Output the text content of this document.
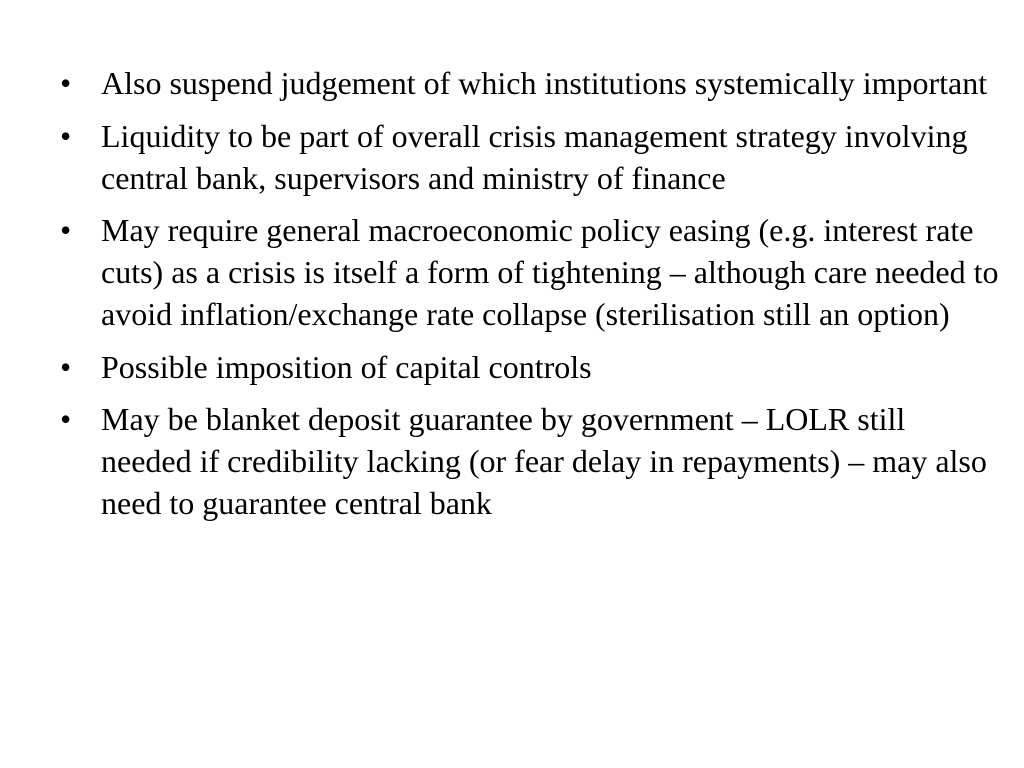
• Also suspend judgement of which institutions systemically important
• Liquidity to be part of overall crisis management strategy involving central bank, supervisors and ministry of finance
• May require general macroeconomic policy easing (e.g. interest rate cuts) as a crisis is itself a form of tightening – although care needed to avoid inflation/exchange rate collapse (sterilisation still an option)
• Possible imposition of capital controls
• May be blanket deposit guarantee by government – LOLR still needed if credibility lacking (or fear delay in repayments) – may also need to guarantee central bank
